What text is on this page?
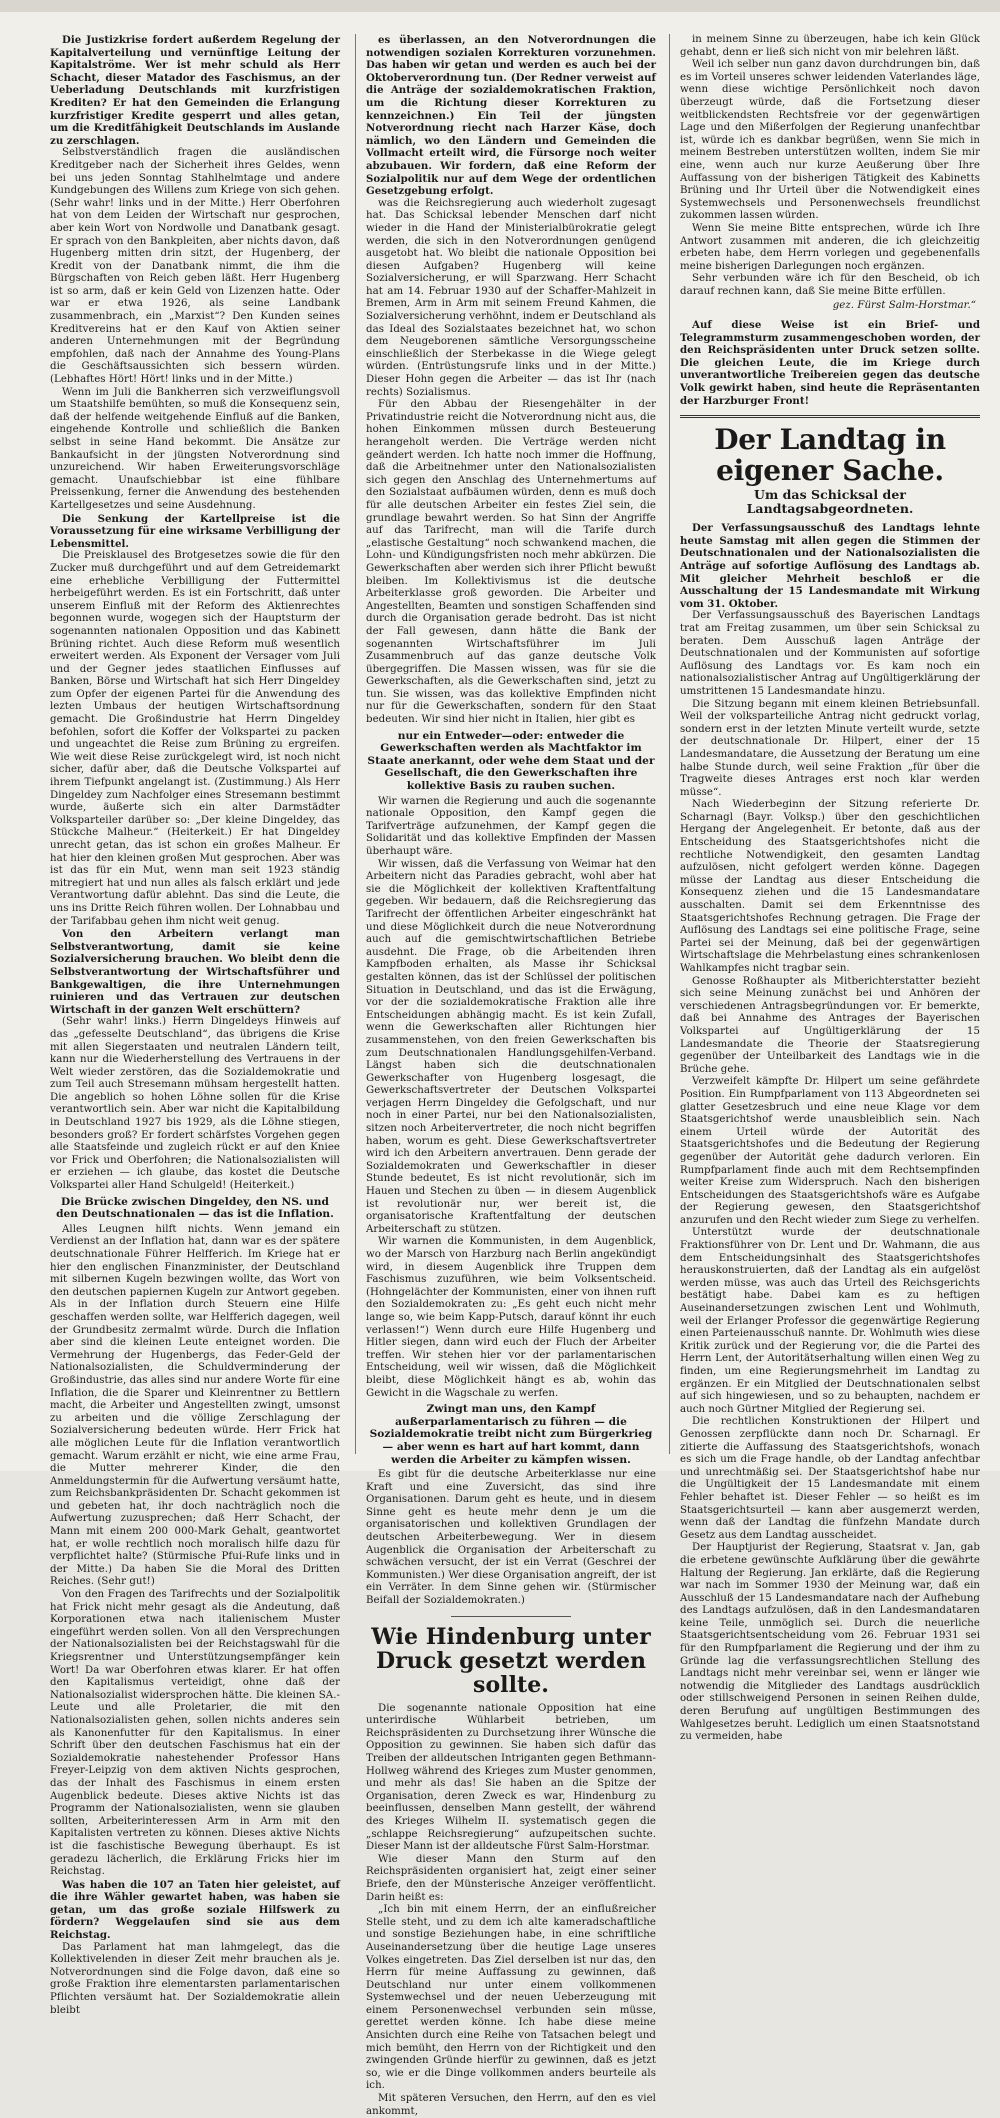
Die Justizkrise fordert außerdem Regelung der Kapitalverteilung und vernünftige Leitung der Kapitalströme. Wer ist mehr schuld als Herr Schacht, dieser Matador des Faschismus, an der Ueberladung Deutschlands mit kurzfristigen Krediten? Er hat den Gemeinden die Erlangung kurzfristiger Kredite gesperrt und alles getan, um die Kreditfähigkeit Deutschlands im Auslande zu zerschlagen.

Selbstverständlich fragen die ausländischen Kreditgeber nach der Sicherheit ihres Geldes, wenn bei uns jeden Sonntag Stahlhelmtage und andere Kundgebungen des Willens zum Kriege von sich gehen. (Sehr wahr! links und in der Mitte.) Herr Oberfohren hat von dem Leiden der Wirtschaft nur gesprochen, aber kein Wort von Nordwolle und Danatbank gesagt. Er sprach von den Bankpleiten, aber nichts davon, daß Hugenberg mitten drin sitzt, der Hugenberg, der Kredit von der Danatbank nimmt, die ihm die Bürgschaften von Reich geben läßt. Herr Hugenberg ist so arm, daß er kein Geld von Lizenzen hatte. Oder war er etwa 1926, als seine Landbank zusammenbrach, ein „Marxist“? Den Kunden seines Kreditvereins hat er den Kauf von Aktien seiner anderen Unternehmungen mit der Begründung empfohlen, daß nach der Annahme des Young-Plans die Geschäftsaussichten sich bessern würden. (Lebhaftes Hört! Hört! links und in der Mitte.)

Wenn im Juli die Bankherren sich verzweiflungsvoll um Staatshilfe bemühten, so muß die Konsequenz sein, daß der helfende weitgehende Einfluß auf die Banken, eingehende Kontrolle und schließlich die Banken selbst in seine Hand bekommt. Die Ansätze zur Bankaufsicht in der jüngsten Notverordnung sind unzureichend. Wir haben Erweiterungsvorschläge gemacht. Unaufschiebbar ist eine fühlbare Preissenkung, ferner die Anwendung des bestehenden Kartellgesetzes und seine Ausdehnung.

Die Senkung der Kartellpreise ist die Voraussetzung für eine wirksame Verbilligung der Lebensmittel.

Die Preisklausel des Brotgesetzes sowie die für den Zucker muß durchgeführt und auf dem Getreidemarkt eine erhebliche Verbilligung der Futtermittel herbeigeführt werden. Es ist ein Fortschritt, daß unter unserem Einfluß mit der Reform des Aktienrechtes begonnen wurde, wogegen sich der Hauptsturm der sogenannten nationalen Opposition und das Kabinett Brüning richtet. Auch diese Reform muß wesentlich erweitert werden. Als Exponent der Versager vom Juli und der Gegner jedes staatlichen Einflusses auf Banken, Börse und Wirtschaft hat sich Herr Dingeldey zum Opfer der eigenen Partei für die Anwendung des lezten Umbaus der heutigen Wirtschaftsordnung gemacht. Die Großindustrie hat Herrn Dingeldey befohlen, sofort die Koffer der Volkspartei zu packen und ungeachtet die Reise zum Brüning zu ergreifen. Wie weit diese Reise zurückgelegt wird, ist noch nicht sicher, dafür aber, daß die Deutsche Volkspartei auf ihrem Tiefpunkt angelangt ist. (Zustimmung.) Als Herr Dingeldey zum Nachfolger eines Stresemann bestimmt wurde, äußerte sich ein alter Darmstädter Volksparteiler darüber so: „Der kleine Dingeldey, das Stückche Malheur.“ (Heiterkeit.) Er hat Dingeldey unrecht getan, das ist schon ein großes Malheur. Er hat hier den kleinen großen Mut gesprochen. Aber was ist das für ein Mut, wenn man seit 1923 ständig mitregiert hat und nun alles als falsch erklärt und jede Verantwortung dafür ablehnt. Das sind die Leute, die uns ins Dritte Reich führen wollen. Der Lohnabbau und der Tarifabbau gehen ihm nicht weit genug.

Von den Arbeitern verlangt man Selbstverantwortung, damit sie keine Sozialversicherung brauchen. Wo bleibt denn die Selbstverantwortung der Wirtschaftsführer und Bankgewaltigen, die ihre Unternehmungen ruinieren und das Vertrauen zur deutschen Wirtschaft in der ganzen Welt erschüttern?

(Sehr wahr! links.) Herrn Dingeldeys Hinweis auf das „gefesselte Deutschland“, das übrigens die Krise mit allen Siegerstaaten und neutralen Ländern teilt, kann nur die Wiederherstellung des Vertrauens in der Welt wieder zerstören, das die Sozialdemokratie und zum Teil auch Stresemann mühsam hergestellt hatten. Die angeblich so hohen Löhne sollen für die Krise verantwortlich sein. Aber war nicht die Kapitalbildung in Deutschland 1927 bis 1929, als die Löhne stiegen, besonders groß? Er fordert schärfstes Vorgehen gegen alle Staatsfeinde und zugleich rückt er auf den Kniee vor Frick und Oberfohren; die Nationalsozialisten will er erziehen — ich glaube, das kostet die Deutsche Volkspartei aller Hand Schulgeld! (Heiterkeit.)

Die Brücke zwischen Dingeldey, den NS. und den Deutschnationalen — das ist die Inflation.

Alles Leugnen hilft nichts. Wenn jemand ein Verdienst an der Inflation hat, dann war es der spätere deutschnationale Führer Helfferich. Im Kriege hat er hier den englischen Finanzminister, der Deutschland mit silbernen Kugeln bezwingen wollte, das Wort von den deutschen papiernen Kugeln zur Antwort gegeben. Als in der Inflation durch Steuern eine Hilfe geschaffen werden sollte, war Helfferich dagegen, weil der Grundbesitz zermalmt würde. Durch die Inflation aber sind die kleinen Leute enteignet worden. Die Vermehrung der Hugenbergs, das Feder-Geld der Nationalsozialisten, die Schuldverminderung der Großindustrie, das alles sind nur andere Worte für eine Inflation, die die Sparer und Kleinrentner zu Bettlern macht, die Arbeiter und Angestellten zwingt, umsonst zu arbeiten und die völlige Zerschlagung der Sozialversicherung bedeuten würde. Herr Frick hat alle möglichen Leute für die Inflation verantwortlich gemacht. Warum erzählt er nicht, wie eine arme Frau, die Mutter mehrerer Kinder, die den Anmeldungstermin für die Aufwertung versäumt hatte, zum Reichsbankpräsidenten Dr. Schacht gekommen ist und gebeten hat, ihr doch nachträglich noch die Aufwertung zuzusprechen; daß Herr Schacht, der Mann mit einem 200 000-Mark Gehalt, geantwortet hat, er wolle rechtlich noch moralisch hilfe dazu für verpflichtet halte? (Stürmische Pfui-Rufe links und in der Mitte.) Da haben Sie die Moral des Dritten Reiches. (Sehr gut!)

Von den Fragen des Tarifrechts und der Sozialpolitik hat Frick nicht mehr gesagt als die Andeutung, daß Korporationen etwa nach italienischem Muster eingeführt werden sollen. Von all den Versprechungen der Nationalsozialisten bei der Reichstagswahl für die Kriegsrentner und Unterstützungsempfänger kein Wort! Da war Oberfohren etwas klarer. Er hat offen den Kapitalismus verteidigt, ohne daß der Nationalsozialist widersprochen hätte. Die kleinen SA.-Leute und alle Proletarier, die mit den Nationalsozialisten gehen, sollen nichts anderes sein als Kanonenfutter für den Kapitalismus. In einer Schrift über den deutschen Faschismus hat ein der Sozialdemokratie nahestehender Professor Hans Freyer-Leipzig von dem aktiven Nichts gesprochen, das der Inhalt des Faschismus in einem ersten Augenblick bedeute. Dieses aktive Nichts ist das Programm der Nationalsozialisten, wenn sie glauben sollten, Arbeiterinteressen Arm in Arm mit den Kapitalisten vertreten zu können. Dieses aktive Nichts ist die faschistische Bewegung überhaupt. Es ist geradezu lächerlich, die Erklärung Fricks hier im Reichstag.

Was haben die 107 an Taten hier geleistet, auf die ihre Wähler gewartet haben, was haben sie getan, um das große soziale Hilfswerk zu fördern? Weggelaufen sind sie aus dem Reichstag.

Das Parlament hat man lahmgelegt, das die Kollektivelenden in dieser Zeit mehr brauchen als je. Notverordnungen sind die Folge davon, daß eine so große Fraktion ihre elementarsten parlamentarischen Pflichten versäumt hat. Der Sozialdemokratie allein bleibt

es überlassen, an den Notverordnungen die notwendigen sozialen Korrekturen vorzunehmen. Das haben wir getan und werden es auch bei der Oktoberverordnung tun. (Der Redner verweist auf die Anträge der sozialdemokratischen Fraktion, um die Richtung dieser Korrekturen zu kennzeichnen.) Ein Teil der jüngsten Notverordnung riecht nach Harzer Käse, doch nämlich, wo den Ländern und Gemeinden die Vollmacht erteilt wird, die Fürsorge noch weiter abzubauen. Wir fordern, daß eine Reform der Sozialpolitik nur auf dem Wege der ordentlichen Gesetzgebung erfolgt.

was die Reichsregierung auch wiederholt zugesagt hat. Das Schicksal lebender Menschen darf nicht wieder in die Hand der Ministerialbürokratie gelegt werden, die sich in den Notverordnungen genügend ausgetobt hat. Wo bleibt die nationale Opposition bei diesen Aufgaben? Hugenberg will keine Sozialversicherung, er will Sparzwang. Herr Schacht hat am 14. Februar 1930 auf der Schaffer-Mahlzeit in Bremen, Arm in Arm mit seinem Freund Kahmen, die Sozialversicherung verhöhnt, indem er Deutschland als das Ideal des Sozialstaates bezeichnet hat, wo schon dem Neugeborenen sämtliche Versorgungsscheine einschließlich der Sterbekasse in die Wiege gelegt würden. (Entrüstungsrufe links und in der Mitte.) Dieser Hohn gegen die Arbeiter — das ist Ihr (nach rechts) Sozialismus.

Für den Abbau der Riesengehälter in der Privatindustrie reicht die Notverordnung nicht aus, die hohen Einkommen müssen durch Besteuerung herangeholt werden. Die Verträge werden nicht geändert werden. Ich hatte noch immer die Hoffnung, daß die Arbeitnehmer unter den Nationalsozialisten sich gegen den Anschlag des Unternehmertums auf den Sozialstaat aufbäumen würden, denn es muß doch für alle deutschen Arbeiter ein festes Ziel sein, die grundlage bewahrt werden. So hat Sinn der Angriffe auf das Tarifrecht, man will die Tarife durch „elastische Gestaltung“ noch schwankend machen, die Lohn- und Kündigungsfristen noch mehr abkürzen. Die Gewerkschaften aber werden sich ihrer Pflicht bewußt bleiben. Im Kollektivismus ist die deutsche Arbeiterklasse groß geworden. Die Arbeiter und Angestellten, Beamten und sonstigen Schaffenden sind durch die Organisation gerade bedroht. Das ist nicht der Fall gewesen, dann hätte die Bank der sogenannten Wirtschaftsführer im Juli Zusammenbruch auf das ganze deutsche Volk übergegriffen. Die Massen wissen, was für sie die Gewerkschaften, als die Gewerkschaften sind, jetzt zu tun. Sie wissen, was das kollektive Empfinden nicht nur für die Gewerkschaften, sondern für den Staat bedeuten. Wir sind hier nicht in Italien, hier gibt es

nur ein Entweder—oder: entweder die Gewerkschaften werden als Machtfaktor im Staate anerkannt, oder wehe dem Staat und der Gesellschaft, die den Gewerkschaften ihre kollektive Basis zu rauben suchen.

Wir warnen die Regierung und auch die sogenannte nationale Opposition, den Kampf gegen die Tarifverträge aufzunehmen, der Kampf gegen die Solidarität und das kollektive Empfinden der Massen überhaupt wäre.

Wir wissen, daß die Verfassung von Weimar hat den Arbeitern nicht das Paradies gebracht, wohl aber hat sie die Möglichkeit der kollektiven Kraftentfaltung gegeben. Wir bedauern, daß die Reichsregierung das Tarifrecht der öffentlichen Arbeiter eingeschränkt hat und diese Möglichkeit durch die neue Notverordnung auch auf die gemischtwirtschaftlichen Betriebe ausdehnt. Die Frage, ob die Arbeitenden ihren Kampfboden erhalten, als Masse ihr Schicksal gestalten können, das ist der Schlüssel der politischen Situation in Deutschland, und das ist die Erwägung, vor der die sozialdemokratische Fraktion alle ihre Entscheidungen abhängig macht. Es ist kein Zufall, wenn die Gewerkschaften aller Richtungen hier zusammenstehen, von den freien Gewerkschaften bis zum Deutschnationalen Handlungsgehilfen-Verband. Längst haben sich die deutschnationalen Gewerkschafter von Hugenberg losgesagt, die Gewerkschaftsvertreter der Deutschen Volkspartei verjagen Herrn Dingeldey die Gefolgschaft, und nur noch in einer Partei, nur bei den Nationalsozialisten, sitzen noch Arbeitervertreter, die noch nicht begriffen haben, worum es geht. Diese Gewerkschaftsvertreter wird ich den Arbeitern anvertrauen. Denn gerade der Sozialdemokraten und Gewerkschaftler in dieser Stunde bedeutet, Es ist nicht revolutionär, sich im Hauen und Stechen zu üben — in diesem Augenblick ist revolutionär nur, wer bereit ist, die organisatorische Kraftentfaltung der deutschen Arbeiterschaft zu stützen.

Wir warnen die Kommunisten, in dem Augenblick, wo der Marsch von Harzburg nach Berlin angekündigt wird, in diesem Augenblick ihre Truppen dem Faschismus zuzuführen, wie beim Volksentscheid. (Hohngelächter der Kommunisten, einer von ihnen ruft den Sozialdemokraten zu: „Es geht euch nicht mehr lange so, wie beim Kapp-Putsch, darauf könnt ihr euch verlassen!“) Wenn durch eure Hilfe Hugenberg und Hitler siegen, dann wird euch der Fluch der Arbeiter treffen. Wir stehen hier vor der parlamentarischen Entscheidung, weil wir wissen, daß die Möglichkeit bleibt, diese Möglichkeit hängt es ab, wohin das Gewicht in die Wagschale zu werfen.

Zwingt man uns, den Kampf außerparlamentarisch zu führen — die Sozialdemokratie treibt nicht zum Bürgerkrieg — aber wenn es hart auf hart kommt, dann werden die Arbeiter zu kämpfen wissen.

Es gibt für die deutsche Arbeiterklasse nur eine Kraft und eine Zuversicht, das sind ihre Organisationen. Darum geht es heute, und in diesem Sinne geht es heute mehr denn je um die organisatorischen und kollektiven Grundlagen der deutschen Arbeiterbewegung. Wer in diesem Augenblick die Organisation der Arbeiterschaft zu schwächen versucht, der ist ein Verrat (Geschrei der Kommunisten.) Wer diese Organisation angreift, der ist ein Verräter. In dem Sinne gehen wir. (Stürmischer Beifall der Sozialdemokraten.)

Wie Hindenburg unter Druck gesetzt werden sollte.

Die sogenannte nationale Opposition hat eine unterirdische Wühlarbeit betrieben, um Reichspräsidenten zu Durchsetzung ihrer Wünsche die Opposition zu gewinnen. Sie haben sich dafür das Treiben der alldeutschen Intriganten gegen Bethmann-Hollweg während des Krieges zum Muster genommen, und mehr als das! Sie haben an die Spitze der Organisation, deren Zweck es war, Hindenburg zu beeinflussen, denselben Mann gestellt, der während des Krieges Wilhelm II. systematisch gegen die „schlappe Reichsregierung“ aufzupeitschen suchte. Dieser Mann ist der alldeutsche Fürst Salm-Horstmar.

Wie dieser Mann den Sturm auf den Reichspräsidenten organisiert hat, zeigt einer seiner Briefe, den der Münsterische Anzeiger veröffentlicht. Darin heißt es:

„Ich bin mit einem Herrn, der an einflußreicher Stelle steht, und zu dem ich alte kameradschaftliche und sonstige Beziehungen habe, in eine schriftliche Auseinandersetzung über die heutige Lage unseres Volkes eingetreten. Das Ziel derselben ist nur das, den Herrn für meine Auffassung zu gewinnen, daß Deutschland nur unter einem vollkommenen Systemwechsel und der neuen Ueberzeugung mit einem Personenwechsel verbunden sein müsse, gerettet werden könne. Ich habe diese meine Ansichten durch eine Reihe von Tatsachen belegt und mich bemüht, den Herrn von der Richtigkeit und den zwingenden Gründe hierfür zu gewinnen, daß es jetzt so, wie er die Dinge vollkommen anders beurteile als ich.

Mit späteren Versuchen, den Herrn, auf den es viel ankommt,

in meinem Sinne zu überzeugen, habe ich kein Glück gehabt, denn er ließ sich nicht von mir belehren läßt.

Weil ich selber nun ganz davon durchdrungen bin, daß es im Vorteil unseres schwer leidenden Vaterlandes läge, wenn diese wichtige Persönlichkeit noch davon überzeugt würde, daß die Fortsetzung dieser weitblickendsten Rechtsfreie vor der gegenwärtigen Lage und den Mißerfolgen der Regierung unanfechtbar ist, würde ich es dankbar begrüßen, wenn Sie mich in meinem Bestreben unterstützen wollten, indem Sie mir eine, wenn auch nur kurze Aeußerung über Ihre Auffassung von der bisherigen Tätigkeit des Kabinetts Brüning und Ihr Urteil über die Notwendigkeit eines Systemwechsels und Personenwechsels freundlichst zukommen lassen würden.

Wenn Sie meine Bitte entsprechen, würde ich Ihre Antwort zusammen mit anderen, die ich gleichzeitig erbeten habe, dem Herrn vorlegen und gegebenenfalls meine bisherigen Darlegungen noch ergänzen.

Sehr verbunden wäre ich für den Bescheid, ob ich darauf rechnen kann, daß Sie meine Bitte erfüllen.

gez. Fürst Salm-Horstmar.“

Auf diese Weise ist ein Brief- und Telegrammsturm zusammengeschoben worden, der den Reichspräsidenten unter Druck setzen sollte. Die gleichen Leute, die im Kriege durch unverantwortliche Treibereien gegen das deutsche Volk gewirkt haben, sind heute die Repräsentanten der Harzburger Front!

Der Landtag in eigener Sache.
Um das Schicksal der Landtagsabgeordneten.

Der Verfassungsausschuß des Landtags lehnte heute Samstag mit allen gegen die Stimmen der Deutschnationalen und der Nationalsozialisten die Anträge auf sofortige Auflösung des Landtags ab. Mit gleicher Mehrheit beschloß er die Ausschaltung der 15 Landesmandate mit Wirkung vom 31. Oktober.

Der Verfassungsausschuß des Bayerischen Landtags trat am Freitag zusammen, um über sein Schicksal zu beraten. Dem Ausschuß lagen Anträge der Deutschnationalen und der Kommunisten auf sofortige Auflösung des Landtags vor. Es kam noch ein nationalsozialistischer Antrag auf Ungültigerklärung der umstrittenen 15 Landesmandate hinzu.

Die Sitzung begann mit einem kleinen Betriebsunfall. Weil der volksparteiliche Antrag nicht gedruckt vorlag, sondern erst in der letzten Minute verteilt wurde, setzte der deutschnationale Dr. Hilpert, einer der 15 Landesmandatare, die Aussetzung der Beratung um eine halbe Stunde durch, weil seine Fraktion „für über die Tragweite dieses Antrages erst noch klar werden müsse“.

Nach Wiederbeginn der Sitzung referierte Dr. Scharnagl (Bayr. Volksp.) über den geschichtlichen Hergang der Angelegenheit. Er betonte, daß aus der Entscheidung des Staatsgerichtshofes nicht die rechtliche Notwendigkeit, den gesamten Landtag aufzulösen, nicht gefolgert werden könne. Dagegen müsse der Landtag aus dieser Entscheidung die Konsequenz ziehen und die 15 Landesmandatare ausschalten. Damit sei dem Erkenntnisse des Staatsgerichtshofes Rechnung getragen. Die Frage der Auflösung des Landtags sei eine politische Frage, seine Partei sei der Meinung, daß bei der gegenwärtigen Wirtschaftslage die Mehrbelastung eines schrankenlosen Wahlkampfes nicht tragbar sein.

Genosse Roßhaupter als Mitberichterstatter bezieht sich seine Meinung zunächst bei und Anhören der verschiedenen Antragsbegründungen vor. Er bemerkte, daß bei Annahme des Antrages der Bayerischen Volkspartei auf Ungültigerklärung der 15 Landesmandate die Theorie der Staatsregierung gegenüber der Unteilbarkeit des Landtags wie in die Brüche gehe.

Verzweifelt kämpfte Dr. Hilpert um seine gefährdete Position. Ein Rumpfparlament von 113 Abgeordneten sei glatter Gesetzesbruch und eine neue Klage vor dem Staatsgerichtshof werde unausbleiblich sein. Nach einem Urteil würde der Autorität des Staatsgerichtshofes und die Bedeutung der Regierung gegenüber der Autorität gehe dadurch verloren. Ein Rumpfparlament finde auch mit dem Rechtsempfinden weiter Kreise zum Widerspruch. Nach den bisherigen Entscheidungen des Staatsgerichtshofs wäre es Aufgabe der Regierung gewesen, den Staatsgerichtshof anzurufen und den Recht wieder zum Siege zu verhelfen.

Unterstützt wurde der deutschnationale Fraktionsführer von Dr. Lent und Dr. Wahmann, die aus dem Entscheidungsinhalt des Staatsgerichtshofes herauskonstruierten, daß der Landtag als ein aufgelöst werden müsse, was auch das Urteil des Reichsgerichts bestätigt habe. Dabei kam es zu heftigen Auseinandersetzungen zwischen Lent und Wohlmuth, weil der Erlanger Professor die gegenwärtige Regierung einen Parteienausschuß nannte. Dr. Wohlmuth wies diese Kritik zurück und der Regierung vor, die die Partei des Herrn Lent, der Autoritätserhaltung willen einen Weg zu finden, um eine Regierungsmehrheit im Landtag zu ergänzen. Er ein Mitglied der Deutschnationalen selbst auf sich hingewiesen, und so zu behaupten, nachdem er auch noch Gürtner Mitglied der Regierung sei.

Die rechtlichen Konstruktionen der Hilpert und Genossen zerpflückte dann noch Dr. Scharnagl. Er zitierte die Auffassung des Staatsgerichtshofs, wonach es sich um die Frage handle, ob der Landtag anfechtbar und unrechtmäßig sei. Der Staatsgerichtshof habe nur die Ungültigkeit der 15 Landesmandate mit einem Fehler behaftet ist. Dieser Fehler — so heißt es im Staatsgerichtsurteil — kann aber ausgemerzt werden, wenn daß der Landtag die fünfzehn Mandate durch Gesetz aus dem Landtag ausscheidet.

Der Hauptjurist der Regierung, Staatsrat v. Jan, gab die erbetene gewünschte Aufklärung über die gewährte Haltung der Regierung. Jan erklärte, daß die Regierung war nach im Sommer 1930 der Meinung war, daß ein Ausschluß der 15 Landesmandatare nach der Aufhebung des Landtags aufzulösen, daß in den Landesmandataren keine Teile, unmöglich sei. Durch die neuerliche Staatsgerichtsentscheidung vom 26. Februar 1931 sei für den Rumpfparlament die Regierung und der ihm zu Gründe lag die verfassungsrechtlichen Stellung des Landtags nicht mehr vereinbar sei, wenn er länger wie notwendig die Mitglieder des Landtags ausdrücklich oder stillschweigend Personen in seinen Reihen dulde, deren Berufung auf ungültigen Bestimmungen des Wahlgesetzes beruht. Lediglich um einen Staatsnotstand zu vermeiden, habe
